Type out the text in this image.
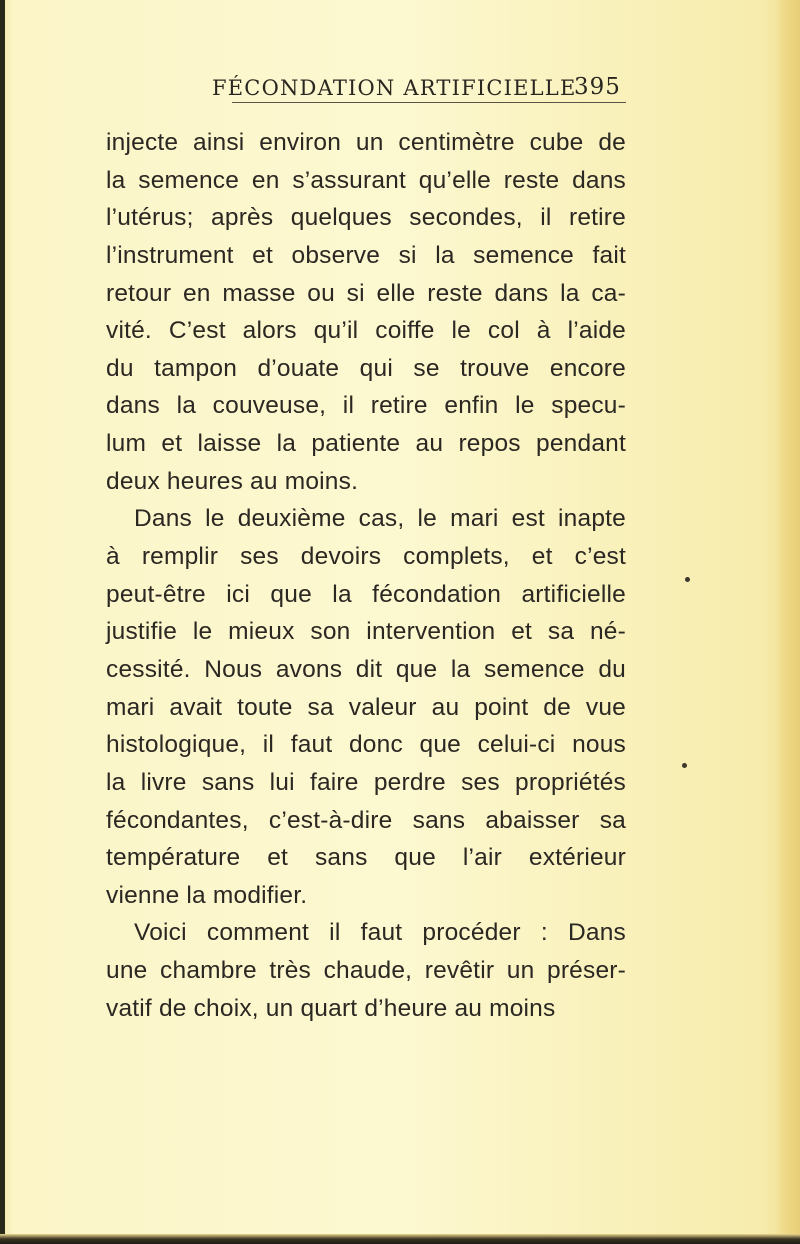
FÉCONDATION ARTIFICIELLE
395
injecte ainsi environ un centimètre cube de
la semence en s’assurant qu’elle reste dans
l’utérus; après quelques secondes, il retire
l’instrument et observe si la semence fait
retour en masse ou si elle reste dans la ca-
vité. C’est alors qu’il coiffe le col à l’aide
du tampon d’ouate qui se trouve encore
dans la couveuse, il retire enfin le specu-
lum et laisse la patiente au repos pendant
deux heures au moins.
Dans le deuxième cas, le mari est inapte
à remplir ses devoirs complets, et c’est
peut-être ici que la fécondation artificielle
justifie le mieux son intervention et sa né-
cessité. Nous avons dit que la semence du
mari avait toute sa valeur au point de vue
histologique, il faut donc que celui-ci nous
la livre sans lui faire perdre ses propriétés
fécondantes, c’est-à-dire sans abaisser sa
température et sans que l’air extérieur
vienne la modifier.
Voici comment il faut procéder : Dans
une chambre très chaude, revêtir un préser-
vatif de choix, un quart d’heure au moins
